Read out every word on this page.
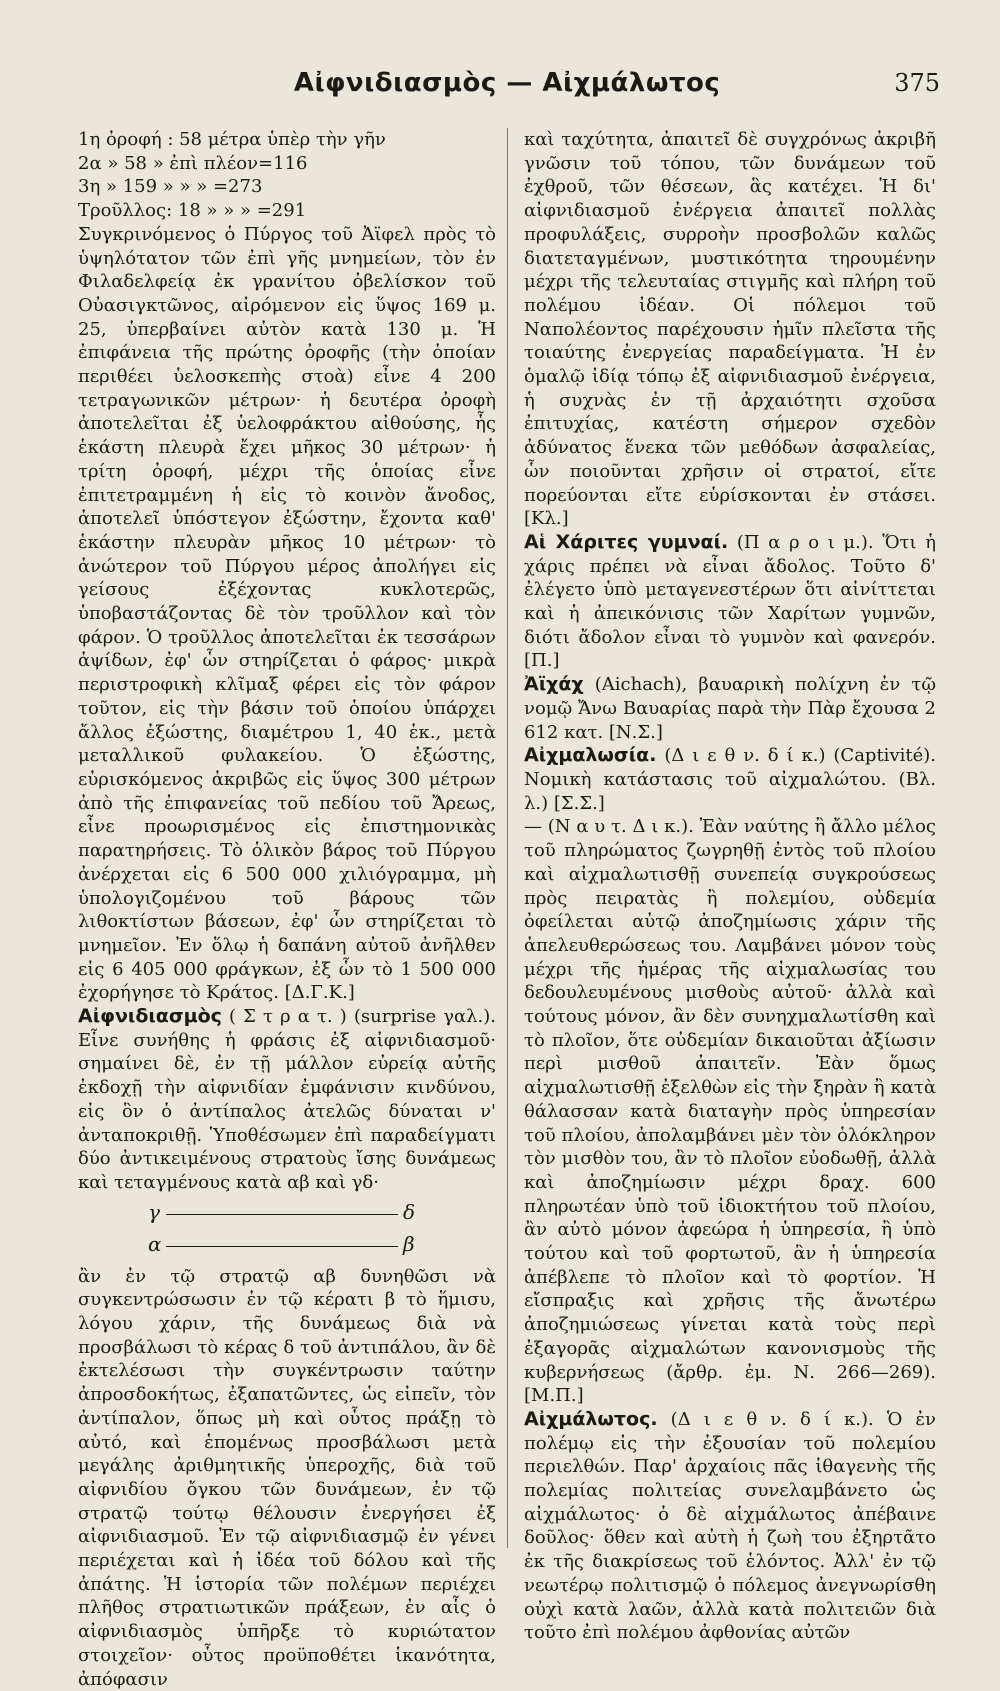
Αἰφνιδιασμὸς — Αἰχμάλωτος	375
1η ὀροφή : 58 μέτρα ὑπὲρ τὴν γῆν
2α » 58 » ἐπὶ πλέον=116
3η » 159 » » » =273
Τροῦλλος: 18 » » » =291

Συγκρινόμενος ὁ Πύργος τοῦ Ἀϊφελ πρὸς τὸ ὑψηλότατον τῶν ἐπὶ γῆς μνημείων, τὸν ἐν Φιλαδελφείᾳ ἐκ γρανίτου ὀβελίσκον τοῦ Οὐασιγκτῶνος, αἰρόμενον εἰς ὕψος 169 μ. 25, ὑπερβαίνει αὐτὸν κατὰ 130 μ. Ἡ ἐπιφάνεια τῆς πρώτης ὀροφῆς (τὴν ὁποίαν περιθέει ὑελοσκεπὴς στοὰ) εἶνε 4 200 τετραγωνικῶν μέτρων· ἡ δευτέρα ὀροφὴ ἀποτελεῖται ἐξ ὑελοφράκτου αἰθούσης, ἧς ἑκάστη πλευρὰ ἔχει μῆκος 30 μέτρων· ἡ τρίτη ὀροφή, μέχρι τῆς ὁποίας εἶνε ἐπιτετραμμένη ἡ εἰς τὸ κοινὸν ἄνοδος, ἀποτελεῖ ὑπόστεγον ἐξώστην, ἔχοντα καθ' ἑκάστην πλευρὰν μῆκος 10 μέτρων· τὸ ἀνώτερον τοῦ Πύργου μέρος ἀπολήγει εἰς γείσους ἐξέχοντας κυκλοτερῶς, ὑποβαστάζοντας δὲ τὸν τροῦλλον καὶ τὸν φάρον. Ὁ τροῦλλος ἀποτελεῖται ἐκ τεσσάρων ἀψίδων, ἐφ' ὧν στηρίζεται ὁ φάρος· μικρὰ περιστροφικὴ κλῖμαξ φέρει εἰς τὸν φάρον τοῦτον, εἰς τὴν βάσιν τοῦ ὁποίου ὑπάρχει ἄλλος ἐξώστης, διαμέτρου 1, 40 ἑκ., μετὰ μεταλλικοῦ φυλακείου. Ὁ ἐξώστης, εὑρισκόμενος ἀκριβῶς εἰς ὕψος 300 μέτρων ἀπὸ τῆς ἐπιφανείας τοῦ πεδίου τοῦ Ἄρεως, εἶνε προωρισμένος εἰς ἐπιστημονικὰς παρατηρήσεις. Τὸ ὁλικὸν βάρος τοῦ Πύργου ἀνέρχεται εἰς 6 500 000 χιλιόγραμμα, μὴ ὑπολογιζομένου τοῦ βάρους τῶν λιθοκτίστων βάσεων, ἐφ' ὧν στηρίζεται τὸ μνημεῖον. Ἐν ὅλῳ ἡ δαπάνη αὐτοῦ ἀνῆλθεν εἰς 6 405 000 φράγκων, ἐξ ὧν τὸ 1 500 000 ἐχορήγησε τὸ Κράτος. [Δ.Γ.Κ.]

Αἰφνιδιασμὸς ( Σ τ ρ α τ. ) (surprise γαλ.). Εἶνε συνήθης ἡ φράσις ἐξ αἰφνιδιασμοῦ· σημαίνει δὲ, ἐν τῇ μάλλον εὐρείᾳ αὐτῆς ἐκδοχῇ τὴν αἰφνιδίαν ἐμφάνισιν κινδύνου, εἰς ὃν ὁ ἀντίπαλος ἀτελῶς δύναται ν' ἀνταποκριθῇ. Ὑποθέσωμεν ἐπὶ παραδείγματι δύο ἀντικειμένους στρατοὺς ἴσης δυνάμεως καὶ τεταγμένους κατὰ αβ καὶ γδ·

γ	δ
α	β

ἂν ἐν τῷ στρατῷ αβ δυνηθῶσι νὰ συγκεντρώσωσιν ἐν τῷ κέρατι β τὸ ἥμισυ, λόγου χάριν, τῆς δυνάμεως διὰ νὰ προσβάλωσι τὸ κέρας δ τοῦ ἀντιπάλου, ἂν δὲ ἐκτελέσωσι τὴν συγκέντρωσιν ταύτην ἀπροσδοκήτως, ἐξαπατῶντες, ὡς εἰπεῖν, τὸν ἀντίπαλον, ὅπως μὴ καὶ οὗτος πράξῃ τὸ αὐτό, καὶ ἑπομένως προσβάλωσι μετὰ μεγάλης ἀριθμητικῆς ὑπεροχῆς, διὰ τοῦ αἰφνιδίου ὄγκου τῶν δυνάμεων, ἐν τῷ στρατῷ τούτῳ θέλουσιν ἐνεργήσει ἐξ αἰφνιδιασμοῦ. Ἐν τῷ αἰφνιδιασμῷ ἐν γένει περιέχεται καὶ ἡ ἰδέα τοῦ δόλου καὶ τῆς ἀπάτης. Ἡ ἱστορία τῶν πολέμων περιέχει πλῆθος στρατιωτικῶν πράξεων, ἐν αἷς ὁ αἰφνιδιασμὸς ὑπῆρξε τὸ κυριώτατον στοιχεῖον· οὗτος προϋποθέτει ἱκανότητα, ἀπόφασιν

καὶ ταχύτητα, ἀπαιτεῖ δὲ συγχρόνως ἀκριβῆ γνῶσιν τοῦ τόπου, τῶν δυνάμεων τοῦ ἐχθροῦ, τῶν θέσεων, ἃς κατέχει. Ἡ δι' αἰφνιδιασμοῦ ἐνέργεια ἀπαιτεῖ πολλὰς προφυλάξεις, συρροὴν προσβολῶν καλῶς διατεταγμένων, μυστικότητα τηρουμένην μέχρι τῆς τελευταίας στιγμῆς καὶ πλήρη τοῦ πολέμου ἰδέαν. Οἱ πόλεμοι τοῦ Ναπολέοντος παρέχουσιν ἡμῖν πλεῖστα τῆς τοιαύτης ἐνεργείας παραδείγματα. Ἡ ἐν ὁμαλῷ ἰδίᾳ τόπῳ ἐξ αἰφνιδιασμοῦ ἐνέργεια, ἡ συχνὰς ἐν τῇ ἀρχαιότητι σχοῦσα ἐπιτυχίας, κατέστη σήμερον σχεδὸν ἀδύνατος ἕνεκα τῶν μεθόδων ἀσφαλείας, ὧν ποιοῦνται χρῆσιν οἱ στρατοί, εἴτε πορεύονται εἴτε εὑρίσκονται ἐν στάσει. [Κλ.]

Αἱ Χάριτες γυμναί. (Π α ρ ο ι μ.). Ὅτι ἡ χάρις πρέπει νὰ εἶναι ἄδολος. Τοῦτο δ' ἐλέγετο ὑπὸ μεταγενεστέρων ὅτι αἰνίττεται καὶ ἡ ἀπεικόνισις τῶν Χαρίτων γυμνῶν, διότι ἄδολον εἶναι τὸ γυμνὸν καὶ φανερόν. [Π.]

Ἀϊχάχ (Aichach), βαυαρικὴ πολίχνη ἐν τῷ νομῷ Ἄνω Βαυαρίας παρὰ τὴν Πὰρ ἔχουσα 2 612 κατ. [Ν.Σ.]

Αἰχμαλωσία. (Δ ι ε θ ν. δ ί κ.) (Captivité). Νομικὴ κατάστασις τοῦ αἰχμαλώτου. (Βλ. λ.) [Σ.Σ.]

— (Ν α υ τ. Δ ι κ.). Ἐὰν ναύτης ἢ ἄλλο μέλος τοῦ πληρώματος ζωγρηθῇ ἐντὸς τοῦ πλοίου καὶ αἰχμαλωτισθῇ συνεπείᾳ συγκρούσεως πρὸς πειρατὰς ἢ πολεμίου, οὐδεμία ὀφείλεται αὐτῷ ἀποζημίωσις χάριν τῆς ἀπελευθερώσεως του. Λαμβάνει μόνον τοὺς μέχρι τῆς ἡμέρας τῆς αἰχμαλωσίας του δεδουλευμένους μισθοὺς αὐτοῦ· ἀλλὰ καὶ τούτους μόνον, ἂν δὲν συνηχμαλωτίσθη καὶ τὸ πλοῖον, ὅτε οὐδεμίαν δικαιοῦται ἀξίωσιν περὶ μισθοῦ ἀπαιτεῖν. Ἐὰν ὅμως αἰχμαλωτισθῇ ἐξελθὼν εἰς τὴν ξηρὰν ἢ κατὰ θάλασσαν κατὰ διαταγὴν πρὸς ὑπηρεσίαν τοῦ πλοίου, ἀπολαμβάνει μὲν τὸν ὁλόκληρον τὸν μισθὸν του, ἂν τὸ πλοῖον εὐοδωθῇ, ἀλλὰ καὶ ἀποζημίωσιν μέχρι δραχ. 600 πληρωτέαν ὑπὸ τοῦ ἰδιοκτήτου τοῦ πλοίου, ἂν αὐτὸ μόνον ἀφεώρα ἡ ὑπηρεσία, ἢ ὑπὸ τούτου καὶ τοῦ φορτωτοῦ, ἂν ἡ ὑπηρεσία ἀπέβλεπε τὸ πλοῖον καὶ τὸ φορτίον. Ἡ εἴσπραξις καὶ χρῆσις τῆς ἄνωτέρω ἀποζημιώσεως γίνεται κατὰ τοὺς περὶ ἐξαγορᾶς αἰχμαλώτων κανονισμοὺς τῆς κυβερνήσεως (ἄρθρ. ἐμ. Ν. 266—269). [Μ.Π.]

Αἰχμάλωτος. (Δ ι ε θ ν. δ ί κ.). Ὁ ἐν πολέμῳ εἰς τὴν ἐξουσίαν τοῦ πολεμίου περιελθών. Παρ' ἀρχαίοις πᾶς ἰθαγενὴς τῆς πολεμίας πολιτείας συνελαμβάνετο ὡς αἰχμάλωτος· ὁ δὲ αἰχμάλωτος ἀπέβαινε δοῦλος· ὅθεν καὶ αὐτὴ ἡ ζωὴ του ἐξηρτᾶτο ἐκ τῆς διακρίσεως τοῦ ἑλόντος. Ἀλλ' ἐν τῷ νεωτέρῳ πολιτισμῷ ὁ πόλεμος ἀνεγνωρίσθη οὐχὶ κατὰ λαῶν, ἀλλὰ κατὰ πολιτειῶν διὰ τοῦτο ἐπὶ πολέμου ἀφθονίας αὐτῶν
